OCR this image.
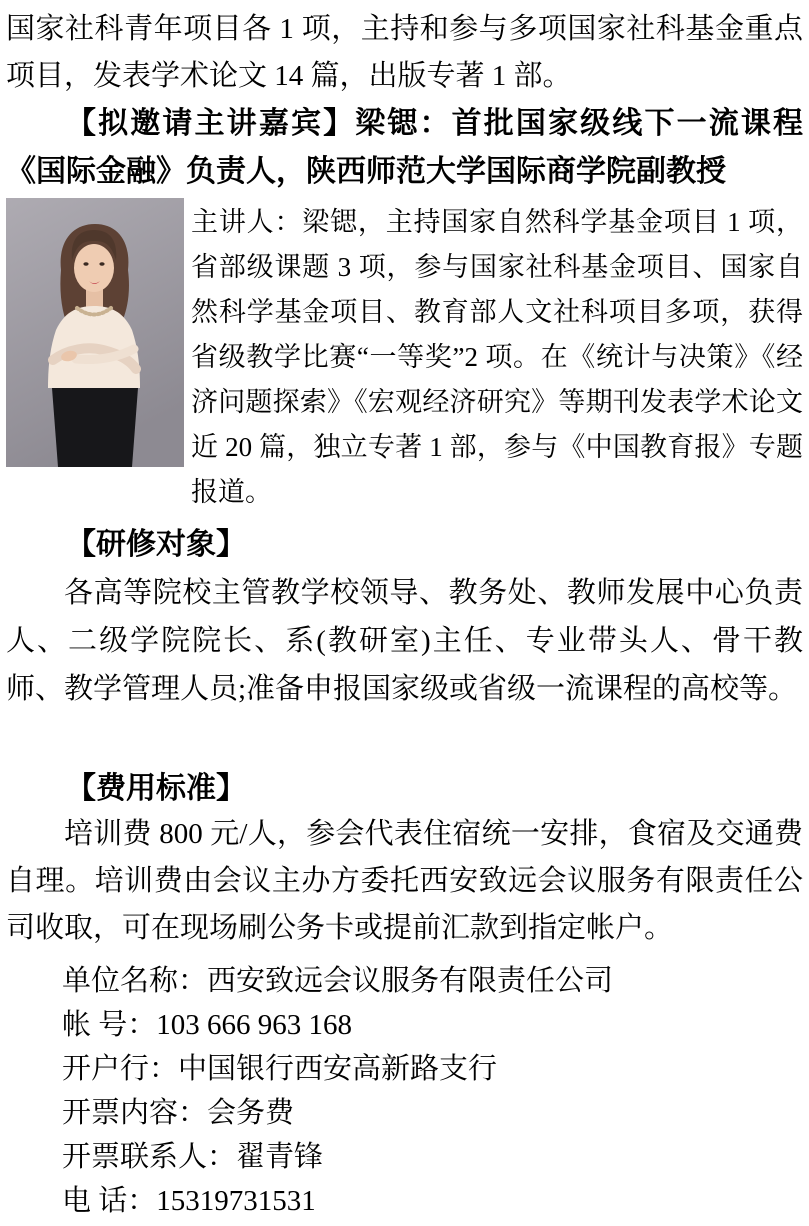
国家社科青年项目各 1 项，主持和参与多项国家社科基金重点项目，发表学术论文 14 篇，出版专著 1 部。

【拟邀请主讲嘉宾】梁锶：首批国家级线下一流课程《国际金融》负责人，陕西师范大学国际商学院副教授

主讲人：梁锶，主持国家自然科学基金项目 1 项，省部级课题 3 项，参与国家社科基金项目、国家自然科学基金项目、教育部人文社科项目多项，获得省级教学比赛“一等奖”2 项。在《统计与决策》《经济问题探索》《宏观经济研究》等期刊发表学术论文近 20 篇，独立专著 1 部，参与《中国教育报》专题报道。

【研修对象】

各高等院校主管教学校领导、教务处、教师发展中心负责人、二级学院院长、系(教研室)主任、专业带头人、骨干教师、教学管理人员;准备申报国家级或省级一流课程的高校等。

【费用标准】

培训费 800 元/人，参会代表住宿统一安排，食宿及交通费自理。培训费由会议主办方委托西安致远会议服务有限责任公司收取，可在现场刷公务卡或提前汇款到指定帐户。

单位名称：西安致远会议服务有限责任公司

帐 号：103 666 963 168

开户行：中国银行西安高新路支行

开票内容：会务费

开票联系人：翟青锋

电 话：15319731531
